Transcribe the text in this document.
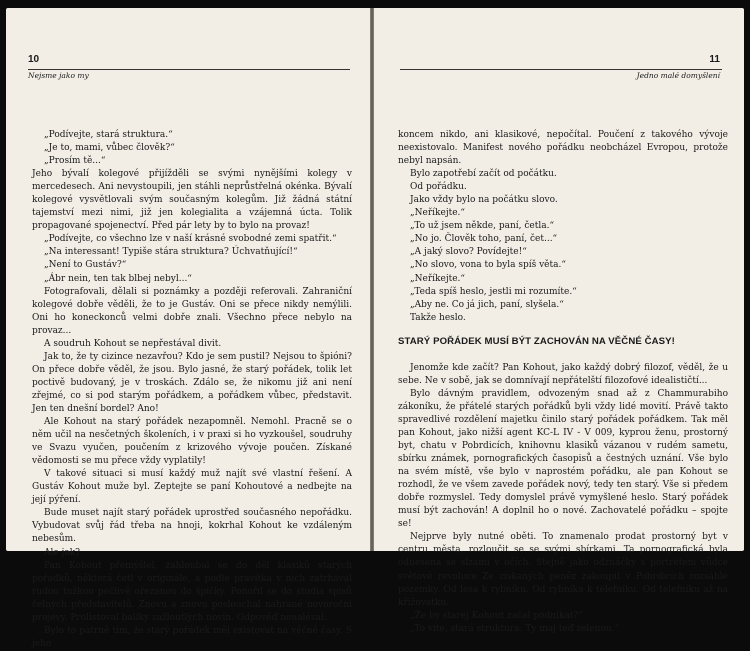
10
Nejsme jako my

„Podívejte, stará struktura.“

„Je to, mami, vůbec člověk?“

„Prosím tě...“

Jeho bývalí kolegové přijížděli se svými nynějšími kolegy v mercedesech. Ani nevystoupili, jen stáhli neprůstřelná okénka. Bývalí kolegové vysvětlovali svým současným kolegům. Již žádná státní tajemství mezi nimi, již jen kolegialita a vzájemná úcta. Tolik propagované spojenectví. Před pár lety by to bylo na provaz!

„Podívejte, co všechno lze v naší krásné svobodné zemi spatřit.“

„Na interessant! Typiše stára struktura? Úchvatňující!“

„Není to Gustáv?“

„Ábr nein, ten tak blbej nebyl...“

Fotografovali, dělali si poznámky a později referovali. Zahraniční kolegové dobře věděli, že to je Gustáv. Oni se přece nikdy nemýlili. Oni ho koneckonců velmi dobře znali. Všechno přece nebylo na provaz...

A soudruh Kohout se nepřestával divit.

Jak to, že ty cizince nezavřou? Kdo je sem pustil? Nejsou to špióni? On přece dobře věděl, že jsou. Bylo jasné, že starý pořádek, tolik let poctivě budovaný, je v troskách. Zdálo se, že nikomu již ani není zřejmé, co si pod starým pořádkem, a pořádkem vůbec, představit. Jen ten dnešní bordel? Ano!

Ale Kohout na starý pořádek nezapomněl. Nemohl. Pracně se o něm učil na nesčetných školeních, i v praxi si ho vyzkoušel, soudruhy ve Svazu vyučen, poučením z krizového vývoje poučen. Získané vědomosti se mu přece vždy vyplatily!

V takové situaci si musí každý muž najít své vlastní řešení. A Gustáv Kohout muže byl. Zeptejte se paní Kohoutové a nedbejte na její pýření.

Bude muset najít starý pořádek uprostřed současného nepořádku. Vybudovat svůj řád třeba na hnoji, kokrhal Kohout ke vzdáleným nebesům.

Ale jak?

Pan Kohout přemýšlel, zahloubal se do děl klasiků starých pořádků, některá četl v originále, a podle pravítka v nich zatrhával rudou tužkou pečlivě ořezanou do špičky. Ponořil se do studia spisů čelných představitelů. Znovu a znovu poslouchal nahrané novoroční projevy. Prolistoval balíky zažloutlých novin. Odpověď nenalézal.

Bylo to patrně tím, že starý pořádek měl existovat na věčné časy. S jeho

11
Jedno malé domyšlení

koncem nikdo, ani klasikové, nepočítal. Poučení z takového vývoje neexistovalo. Manifest nového pořádku neobcházel Evropou, protože nebyl napsán.

Bylo zapotřebí začít od počátku.

Od pořádku.

Jako vždy bylo na počátku slovo.

„Neříkejte.“

„To už jsem někde, paní, četla.“

„No jo. Člověk toho, paní, čet...“

„A jaký slovo? Povídejte!“

„No slovo, vona to byla spíš věta.“

„Neříkejte.“

„Teda spíš heslo, jestli mi rozumíte.“

„Aby ne. Co já jich, paní, slyšela.“

Takže heslo.

STARÝ POŘÁDEK MUSÍ BÝT ZACHOVÁN NA VĚČNÉ ČASY!

Jenomže kde začít? Pan Kohout, jako každý dobrý filozof, věděl, že u sebe. Ne v sobě, jak se domnívají nepřátelští filozofové idealističtí...

Bylo dávným pravidlem, odvozeným snad až z Chammurabiho zákoníku, že přátelé starých pořádků byli vždy lidé movití. Právě takto spravedlivé rozdělení majetku činilo starý pořádek pořádkem. Tak měl pan Kohout, jako nižší agent KC-L IV - V 009, kyprou ženu, prostorný byt, chatu v Pobrdicích, knihovnu klasiků vázanou v rudém sametu, sbírku známek, pornografických časopisů a čestných uznání. Vše bylo na svém místě, vše bylo v naprostém pořádku, ale pan Kohout se rozhodl, že ve všem zavede pořádek nový, tedy ten starý. Vše si předem dobře rozmyslel. Tedy domyslel právě vymyšlené heslo. Starý pořádek musí být zachován! A doplnil ho o nové. Zachovatelé pořádku – spojte se!

Nejprve byly nutné oběti. To znamenalo prodat prostorný byt v centru města, rozloučit se se svými sbírkami. Ta pornografická byla odnesena se slzami v očích. Stejně jako odznáčky s portrétem vůdce světové revoluce Ze získaných peněz zakoupil v Pobrdicích rozsáhlé pozemky. Od lesa k rybníku. Od rybníka k telefniku. Od telefniku až na křižovatku.

„Že by starej Kohout začal podnikat?“

„To víte, stará struktura. Ty maj teď zelenou.“
